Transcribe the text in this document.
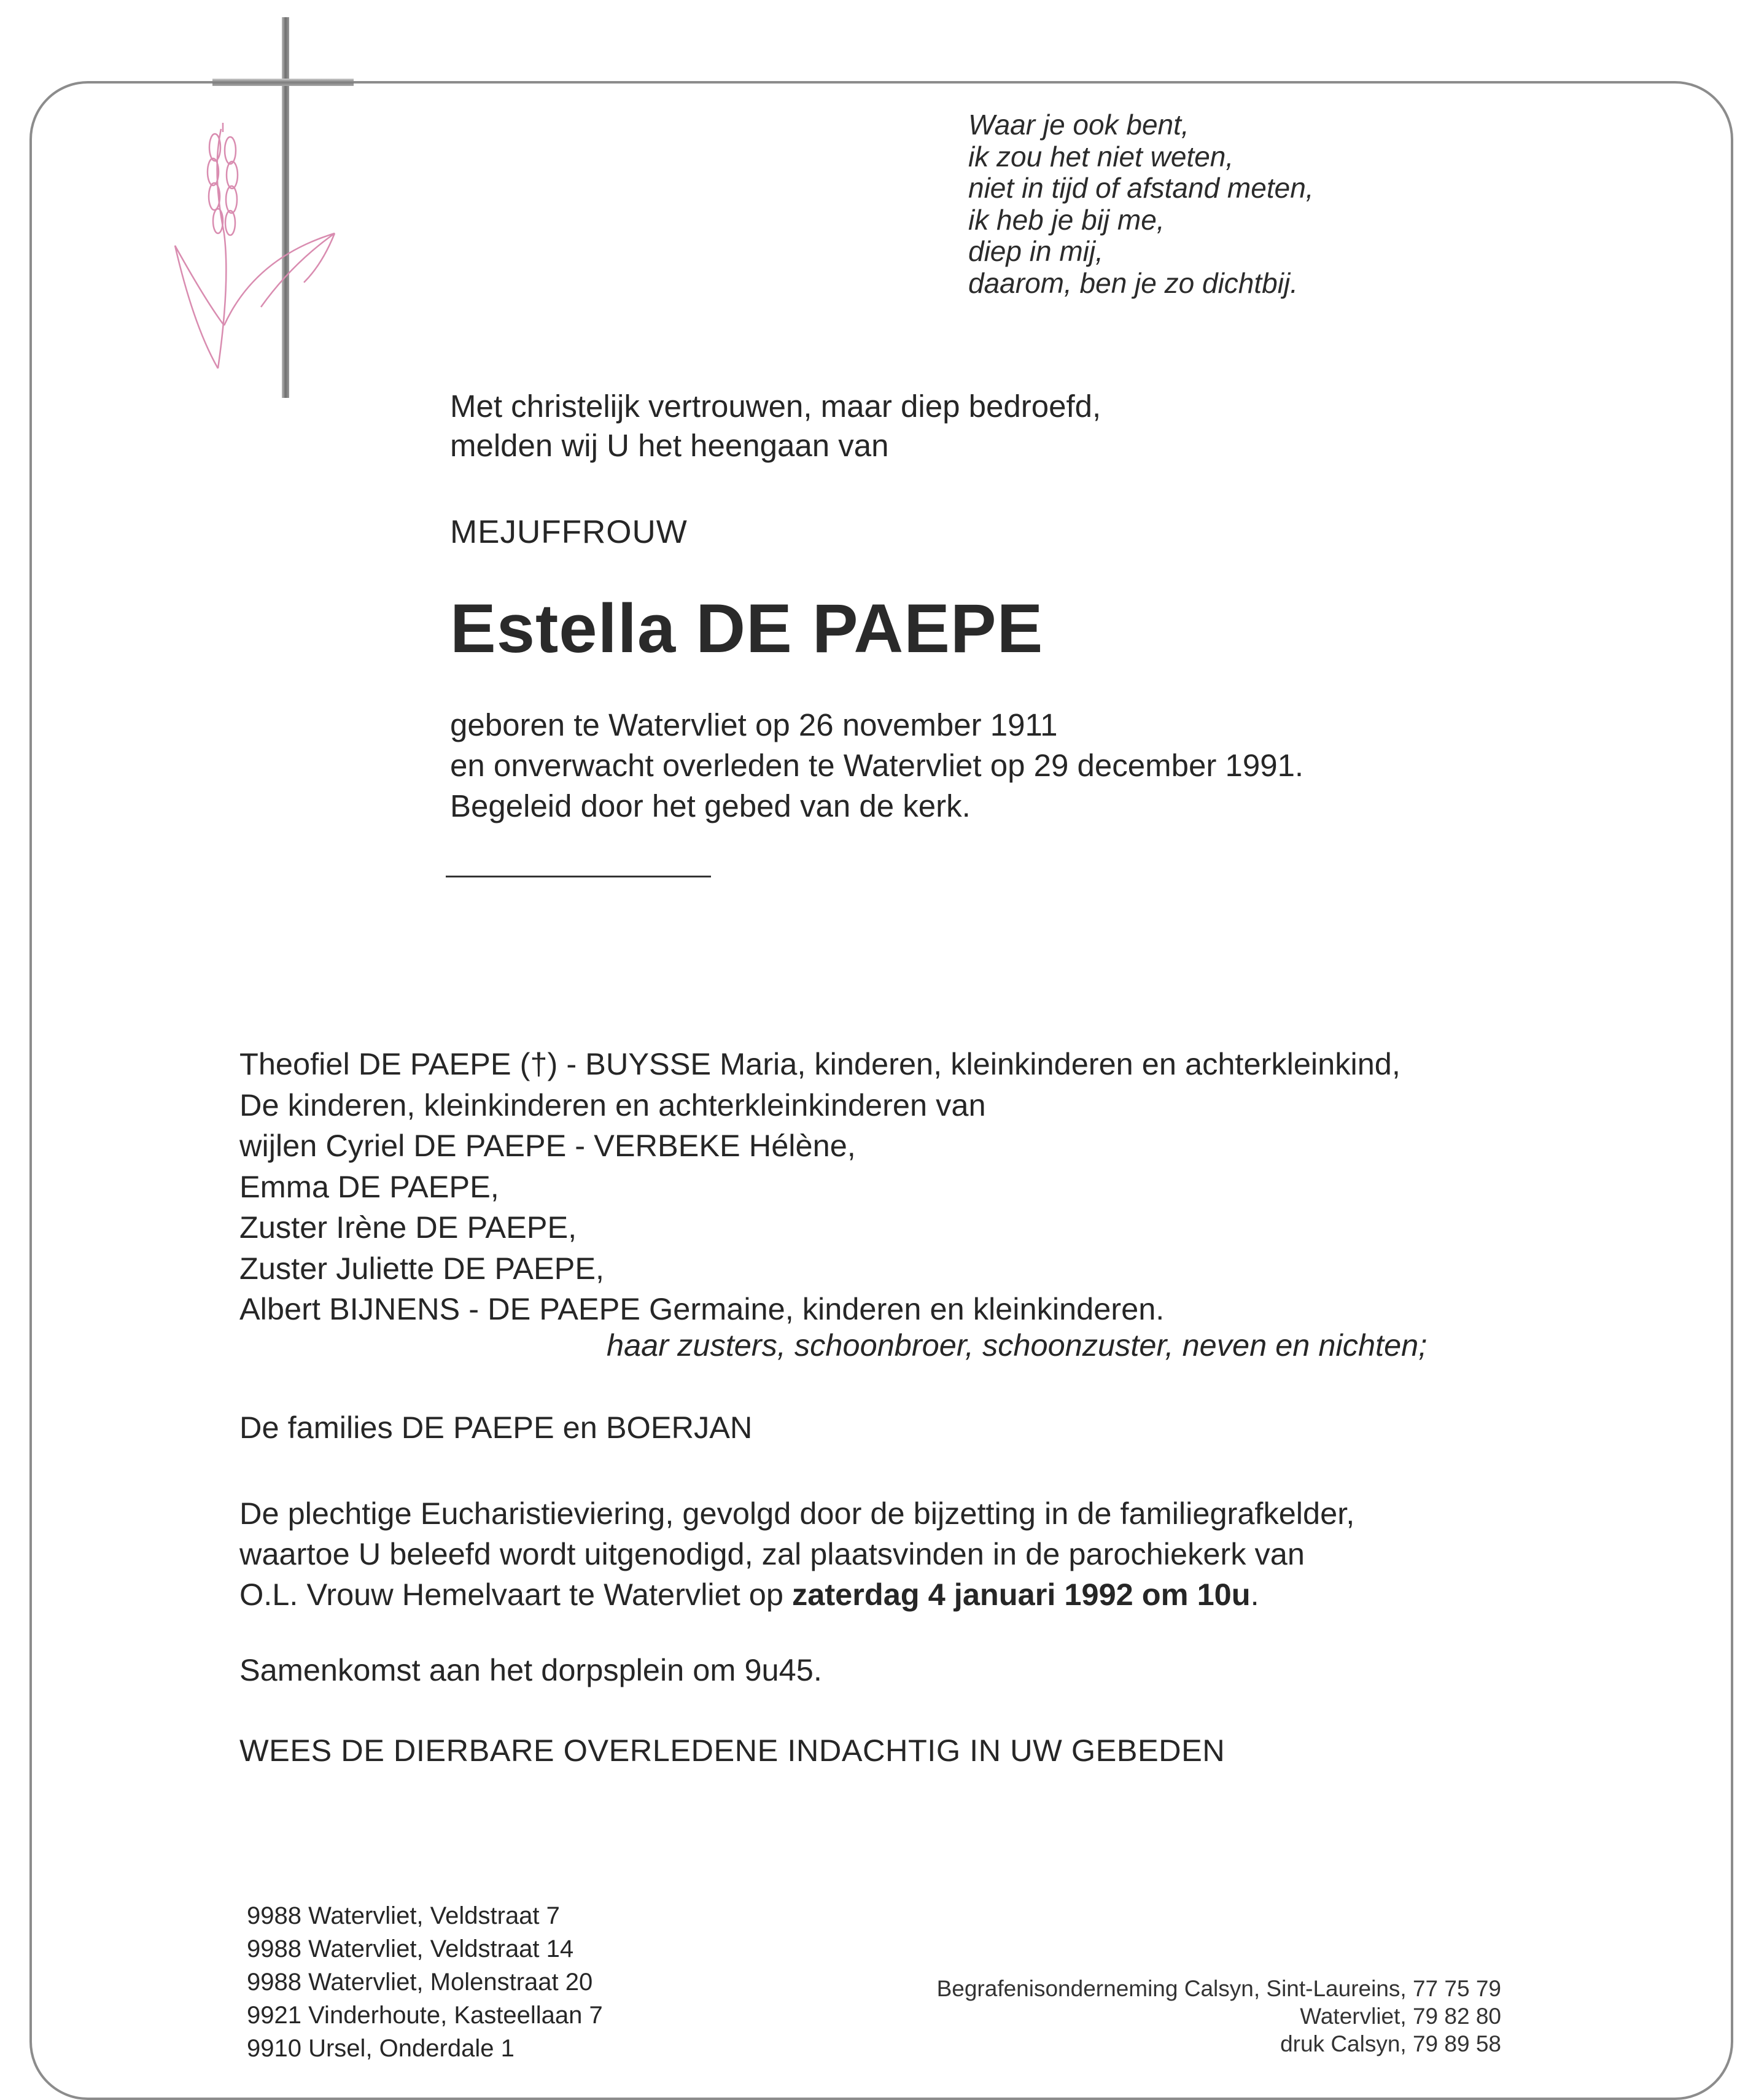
Waar je ook bent,
ik zou het niet weten,
niet in tijd of afstand meten,
ik heb je bij me,
diep in mij,
daarom, ben je zo dichtbij.
Met christelijk vertrouwen, maar diep bedroefd,
melden wij U het heengaan van
MEJUFFROUW
Estella DE PAEPE
geboren te Watervliet op 26 november 1911
en onverwacht overleden te Watervliet op 29 december 1991.
Begeleid door het gebed van de kerk.
Theofiel DE PAEPE (†) - BUYSSE Maria, kinderen, kleinkinderen en achterkleinkind,
De kinderen, kleinkinderen en achterkleinkinderen van
wijlen Cyriel DE PAEPE - VERBEKE Hélène,
Emma DE PAEPE,
Zuster Irène DE PAEPE,
Zuster Juliette DE PAEPE,
Albert BIJNENS - DE PAEPE Germaine, kinderen en kleinkinderen.
haar zusters, schoonbroer, schoonzuster, neven en nichten;
De families DE PAEPE en BOERJAN
De plechtige Eucharistieviering, gevolgd door de bijzetting in de familiegrafkelder,
waartoe U beleefd wordt uitgenodigd, zal plaatsvinden in de parochiekerk van
O.L. Vrouw Hemelvaart te Watervliet op zaterdag 4 januari 1992 om 10u.
Samenkomst aan het dorpsplein om 9u45.
WEES DE DIERBARE OVERLEDENE INDACHTIG IN UW GEBEDEN
9988 Watervliet, Veldstraat 7
9988 Watervliet, Veldstraat 14
9988 Watervliet, Molenstraat 20
9921 Vinderhoute, Kasteellaan 7
9910 Ursel, Onderdale 1
Begrafenisonderneming Calsyn, Sint-Laureins, 77 75 79
Watervliet, 79 82 80
druk Calsyn, 79 89 58
